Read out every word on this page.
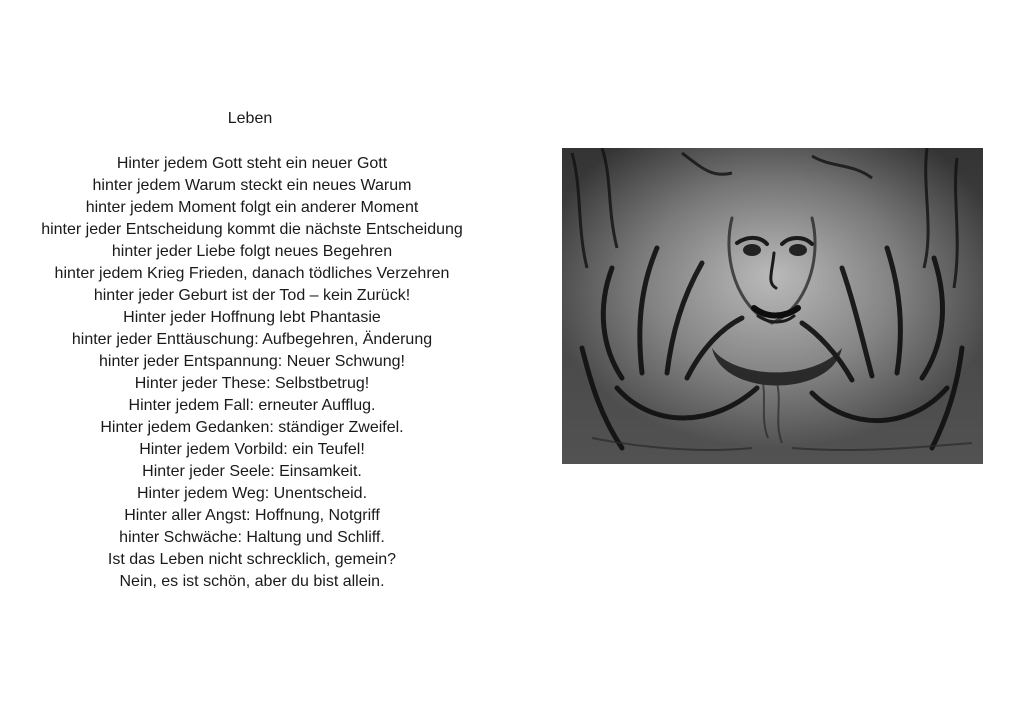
Leben
Hinter jedem Gott steht ein neuer Gott
hinter jedem Warum steckt ein neues Warum
hinter jedem Moment folgt ein anderer Moment
hinter jeder Entscheidung kommt die nächste Entscheidung
hinter jeder Liebe folgt neues Begehren
hinter jedem Krieg Frieden, danach tödliches Verzehren
hinter jeder Geburt ist der Tod – kein Zurück!
Hinter jeder Hoffnung lebt Phantasie
hinter jeder Enttäuschung: Aufbegehren, Änderung
hinter jeder Entspannung: Neuer Schwung!
Hinter jeder These: Selbstbetrug!
Hinter jedem Fall: erneuter Aufflug.
Hinter jedem Gedanken: ständiger Zweifel.
Hinter jedem Vorbild: ein Teufel!
Hinter jeder Seele: Einsamkeit.
Hinter jedem Weg: Unentscheid.
Hinter aller Angst: Hoffnung, Notgriff
hinter Schwäche: Haltung und Schliff.
Ist das Leben nicht schrecklich, gemein?
Nein, es ist schön, aber du bist allein.
